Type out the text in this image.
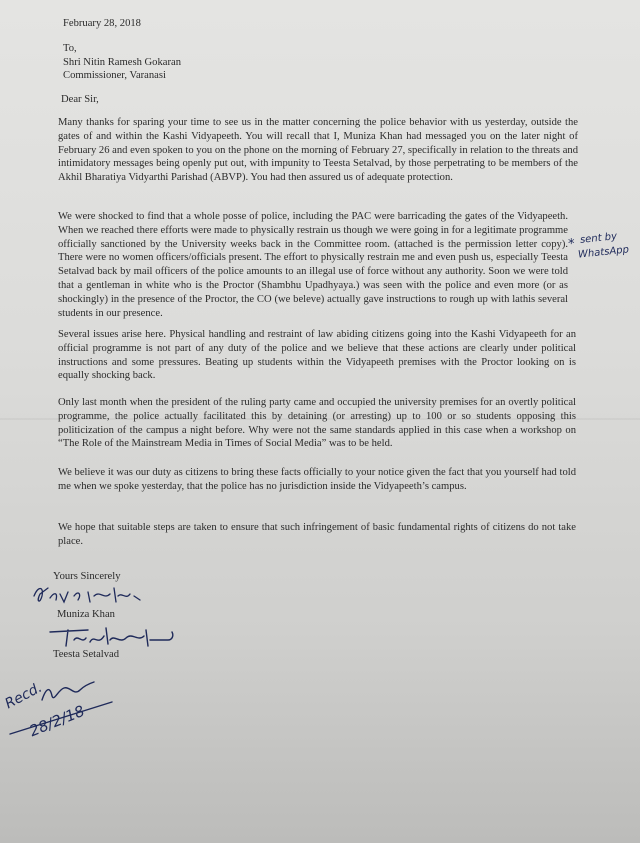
February 28, 2018

To,

Shri Nitin Ramesh Gokaran

Commissioner, Varanasi

Dear Sir,

Many thanks for sparing your time to see us in the matter concerning the police behavior with us yesterday, outside the gates of and within the Kashi Vidyapeeth. You will recall that I, Muniza Khan had messaged you on the later night of February 26 and even spoken to you on the phone on the morning of February 27, specifically in relation to the threats and intimidatory messages being openly put out, with impunity to Teesta Setalvad, by those perpetrating to be members of the Akhil Bharatiya Vidyarthi Parishad (ABVP). You had then assured us of adequate protection.

We were shocked to find that a whole posse of police, including the PAC were barricading the gates of the Vidyapeeth. When we reached there efforts were made to physically restrain us though we were going in for a legitimate programme officially sanctioned by the University weeks back in the Committee room. (attached is the permission letter copy). There were no women officers/officials present. The effort to physically restrain me and even push us, especially Teesta Setalvad back by mail officers of the police amounts to an illegal use of force without any authority. Soon we were told that a gentleman in white who is the Proctor (Shambhu Upadhyaya.) was seen with the police and even more (or as shockingly) in the presence of the Proctor, the CO (we beleve) actually gave instructions to rough up with lathis several students in our presence.

Several issues arise here. Physical handling and restraint of law abiding citizens going into the Kashi Vidyapeeth for an official programme is not part of any duty of the police and we believe that these actions are clearly under political instructions and some pressures. Beating up students within the Vidyapeeth premises with the Proctor looking on is equally shocking back.

Only last month when the president of the ruling party came and occupied the university premises for an overtly political programme, the police actually facilitated this by detaining (or arresting) up to 100 or so students opposing this politicization of the campus a night before. Why were not the same standards applied in this case when a workshop on “The Role of the Mainstream Media in Times of Social Media” was to be held.

We believe it was our duty as citizens to bring these facts officially to your notice given the fact that you yourself had told me when we spoke yesterday, that the police has no jurisdiction inside the Vidyapeeth’s campus.

We hope that suitable steps are taken to ensure that such infringement of basic fundamental rights of citizens do not take place.

Yours Sincerely

Muniza Khan

Teesta Setalvad

* sent by
WhatsApp
Recd.
28/2/18
